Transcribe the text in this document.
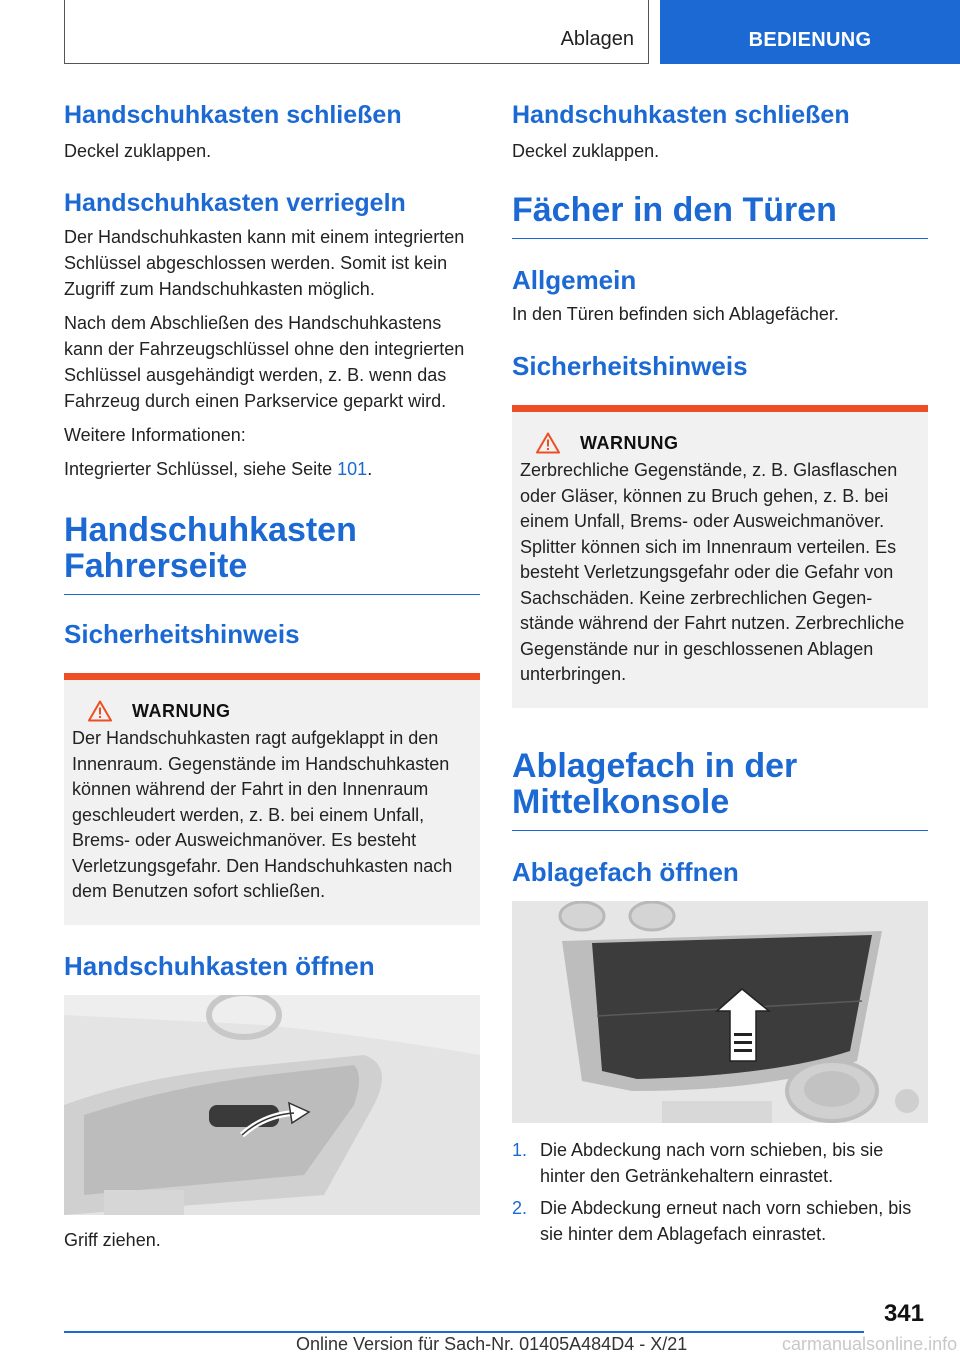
Ablagen	BEDIENUNG
Handschuhkasten schließen

Deckel zuklappen.

Handschuhkasten verriegeln

Der Handschuhkasten kann mit einem integrierten Schlüssel abgeschlossen werden. Somit ist kein Zugriff zum Handschuhkasten möglich.

Nach dem Abschließen des Handschuhkastens kann der Fahrzeugschlüssel ohne den integrierten Schlüssel ausgehändigt werden, z. B. wenn das Fahrzeug durch einen Parkservice geparkt wird.

Weitere Informationen:

Integrierter Schlüssel, siehe Seite 101.

Handschuhkasten Fahrerseite
Sicherheitshinweis
WARNUNG

Der Handschuhkasten ragt aufgeklappt in den Innenraum. Gegenstände im Handschuhkasten können während der Fahrt in den Innenraum geschleudert werden, z. B. bei einem Unfall, Brems- oder Ausweichmanöver. Es besteht Verletzungsgefahr. Den Handschuhkasten nach dem Benutzen sofort schließen.

Handschuhkasten öffnen

Griff ziehen.

Handschuhkasten schließen

Deckel zuklappen.

Fächer in den Türen
Allgemein

In den Türen befinden sich Ablagefächer.

Sicherheitshinweis
WARNUNG

Zerbrechliche Gegenstände, z. B. Glasflaschen oder Gläser, können zu Bruch gehen, z. B. bei einem Unfall, Brems- oder Ausweichmanöver. Splitter können sich im Innenraum verteilen. Es besteht Verletzungsgefahr oder die Gefahr von Sachschäden. Keine zerbrechlichen Gegenstände während der Fahrt nutzen. Zerbrechliche Gegenstände nur in geschlossenen Ablagen unterbringen.

Ablagefach in der Mittelkonsole
Ablagefach öffnen
1. Die Abdeckung nach vorn schieben, bis sie hinter den Getränkehaltern einrastet.
2. Die Abdeckung erneut nach vorn schieben, bis sie hinter dem Ablagefach einrastet.
341
Online Version für Sach-Nr. 01405A484D4 - X/21	carmanualsonline.info
